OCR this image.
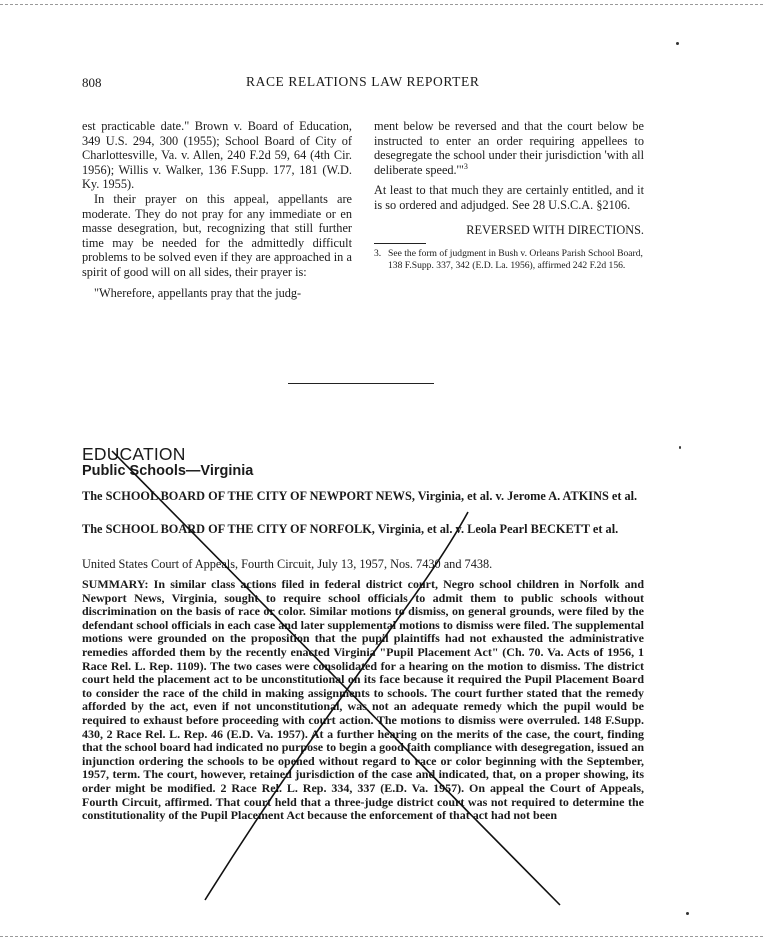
808	RACE RELATIONS LAW REPORTER

est practicable date." Brown v. Board of Education, 349 U.S. 294, 300 (1955); School Board of City of Charlottesville, Va. v. Allen, 240 F.2d 59, 64 (4th Cir. 1956); Willis v. Walker, 136 F.Supp. 177, 181 (W.D. Ky. 1955).

In their prayer on this appeal, appellants are moderate. They do not pray for any immediate or en masse desegration, but, recognizing that still further time may be needed for the admittedly difficult problems to be solved even if they are approached in a spirit of good will on all sides, their prayer is:

"Wherefore, appellants pray that the judg-

ment below be reversed and that the court below be instructed to enter an order requiring appellees to desegregate the school under their jurisdiction 'with all deliberate speed.'"$^3$

At least to that much they are certainly entitled, and it is so ordered and adjudged. See 28 U.S.C.A. §2106.

REVERSED WITH DIRECTIONS.

3. See the form of judgment in Bush v. Orleans Parish School Board, 138 F.Supp. 337, 342 (E.D. La. 1956), affirmed 242 F.2d 156.

EDUCATION
Public Schools—Virginia
The SCHOOL BOARD OF THE CITY OF NEWPORT NEWS, Virginia, et al. v. Jerome A. ATKINS et al.
The SCHOOL BOARD OF THE CITY OF NORFOLK, Virginia, et al. v. Leola Pearl BECKETT et al.
United States Court of Appeals, Fourth Circuit, July 13, 1957, Nos. 7430 and 7438.
SUMMARY: In similar class actions filed in federal district court, Negro school children in Norfolk and Newport News, Virginia, sought to require school officials to admit them to public schools without discrimination on the basis of race or color. Similar motions to dismiss, on general grounds, were filed by the defendant school officials in each case and later supplemental motions to dismiss were filed. The supplemental motions were grounded on the proposition that the pupil plaintiffs had not exhausted the administrative remedies afforded them by the recently enacted Virginia "Pupil Placement Act" (Ch. 70. Va. Acts of 1956, 1 Race Rel. L. Rep. 1109). The two cases were consolidated for a hearing on the motion to dismiss. The district court held the placement act to be unconstitutional on its face because it required the Pupil Placement Board to consider the race of the child in making assignments to schools. The court further stated that the remedy afforded by the act, even if not unconstitutional, was not an adequate remedy which the pupil would be required to exhaust before proceeding with court action. The motions to dismiss were overruled. 148 F.Supp. 430, 2 Race Rel. L. Rep. 46 (E.D. Va. 1957). At a further hearing on the merits of the case, the court, finding that the school board had indicated no purpose to begin a good faith compliance with desegregation, issued an injunction ordering the schools to be opened without regard to race or color beginning with the September, 1957, term. The court, however, retained jurisdiction of the case and indicated, that, on a proper showing, its order might be modified. 2 Race Rel. L. Rep. 334, 337 (E.D. Va. 1957). On appeal the Court of Appeals, Fourth Circuit, affirmed. That court held that a three-judge district court was not required to determine the constitutionality of the Pupil Placement Act because the enforcement of that act had not been
